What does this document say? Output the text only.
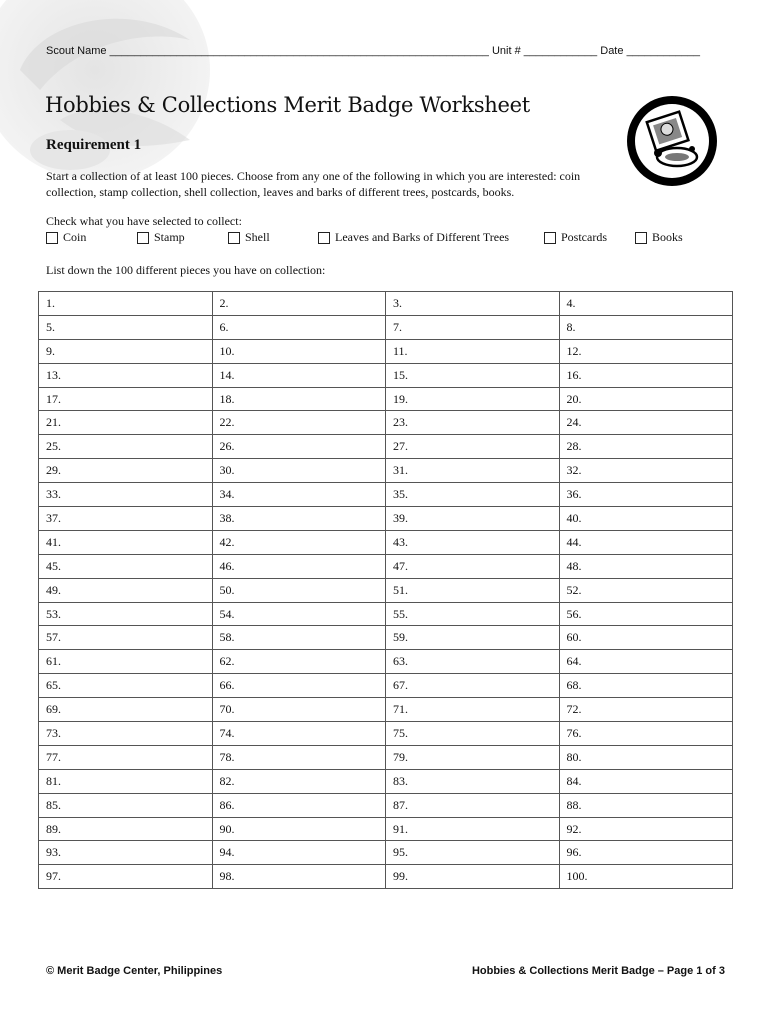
Scout Name ______________________________________________________________ Unit # ____________ Date ____________
Hobbies & Collections Merit Badge Worksheet
Requirement 1
Start a collection of at least 100 pieces. Choose from any one of the following in which you are interested: coin
collection, stamp collection, shell collection, leaves and barks of different trees, postcards, books.
Check what you have selected to collect:
Coin	Stamp	Shell	Leaves and Barks of Different Trees	Postcards	Books
List down the 100 different pieces you have on collection:
1.	2.	3.	4.
5.	6.	7.	8.
9.	10.	11.	12.
13.	14.	15.	16.
17.	18.	19.	20.
21.	22.	23.	24.
25.	26.	27.	28.
29.	30.	31.	32.
33.	34.	35.	36.
37.	38.	39.	40.
41.	42.	43.	44.
45.	46.	47.	48.
49.	50.	51.	52.
53.	54.	55.	56.
57.	58.	59.	60.
61.	62.	63.	64.
65.	66.	67.	68.
69.	70.	71.	72.
73.	74.	75.	76.
77.	78.	79.	80.
81.	82.	83.	84.
85.	86.	87.	88.
89.	90.	91.	92.
93.	94.	95.	96.
97.	98.	99.	100.
© Merit Badge Center, Philippines	Hobbies & Collections Merit Badge – Page 1 of 3
